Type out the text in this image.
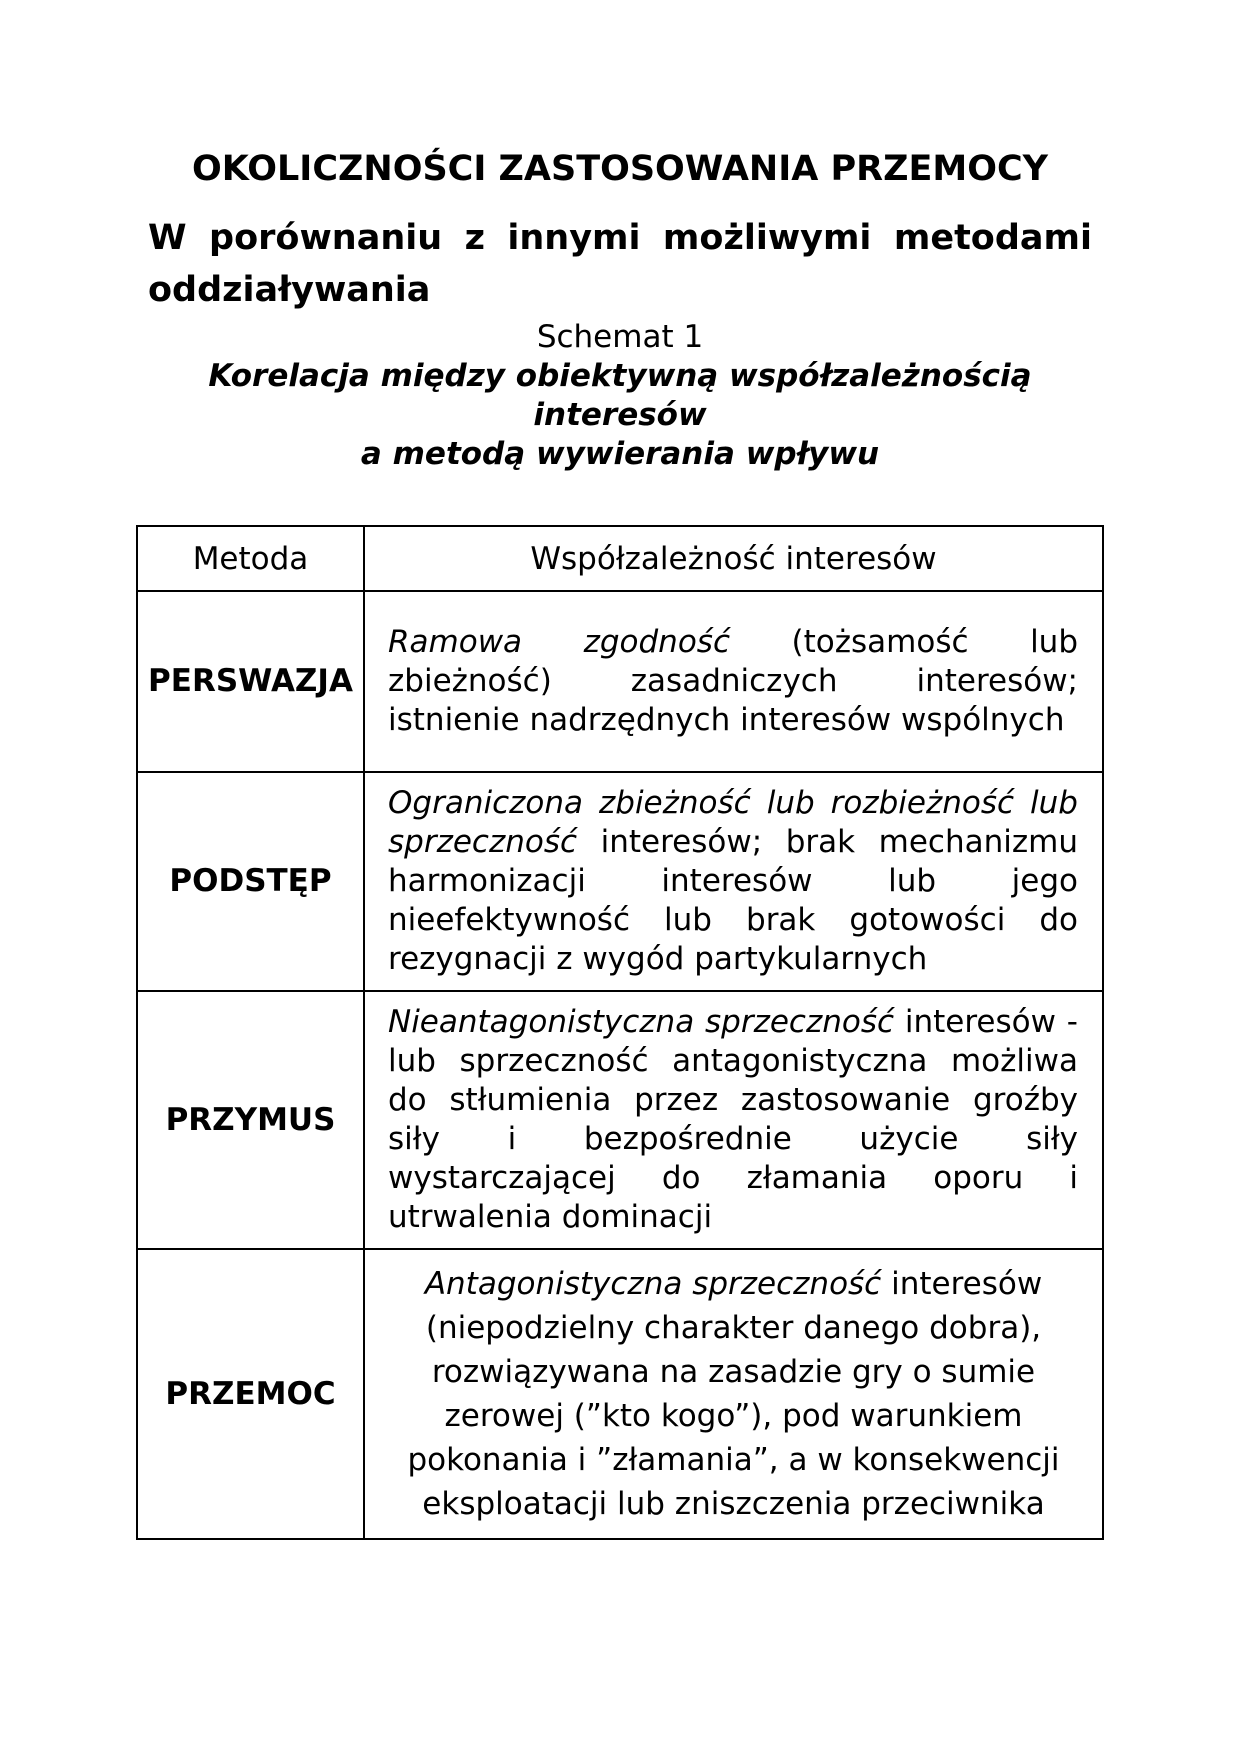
OKOLICZNOŚCI ZASTOSOWANIA PRZEMOCY

W porównaniu z innymi możliwymi metodami oddziaływania

Schemat 1

Korelacja między obiektywną współzależnością
interesów
a metodą wywierania wpływu
Metoda	Współzależność interesów
PERSWAZJA	Ramowa zgodność (tożsamość lub zbieżność) zasadniczych interesów; istnienie nadrzędnych interesów wspólnych
PODSTĘP	Ograniczona zbieżność lub rozbieżność lub sprzeczność interesów; brak mechanizmu harmonizacji interesów lub jego nieefektywność lub brak gotowości do rezygnacji z wygód partykularnych
PRZYMUS	Nieantagonistyczna sprzeczność interesów - lub sprzeczność antagonistyczna możliwa do stłumienia przez zastosowanie groźby siły i bezpośrednie użycie siły wystarczającej do złamania oporu i utrwalenia dominacji
PRZEMOC	Antagonistyczna sprzeczność interesów (niepodzielny charakter danego dobra), rozwiązywana na zasadzie gry o sumie zerowej (”kto kogo”), pod warunkiem pokonania i ”złamania”, a w konsekwencji eksploatacji lub zniszczenia przeciwnika
